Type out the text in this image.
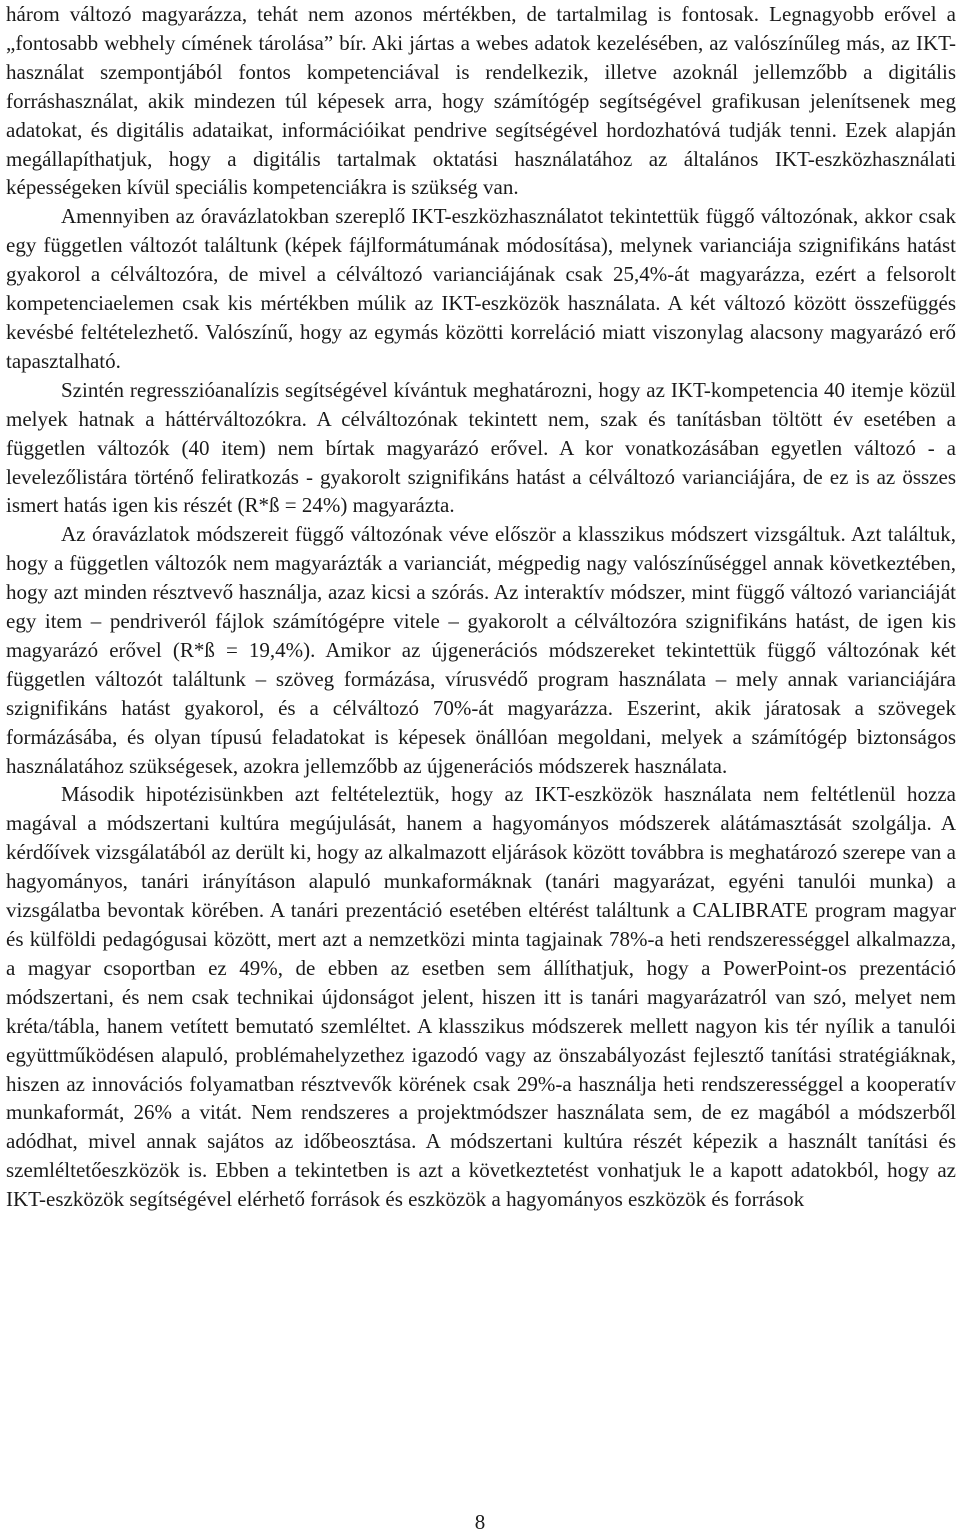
három változó magyarázza, tehát nem azonos mértékben, de tartalmilag is fontosak. Legnagyobb erővel a „fontosabb webhely címének tárolása” bír. Aki jártas a webes adatok kezelésében, az valószínűleg más, az IKT-használat szempontjából fontos kompetenciával is rendelkezik, illetve azoknál jellemzőbb a digitális forráshasználat, akik mindezen túl képesek arra, hogy számítógép segítségével grafikusan jelenítsenek meg adatokat, és digitális adataikat, információikat pendrive segítségével hordozhatóvá tudják tenni. Ezek alapján megállapíthatjuk, hogy a digitális tartalmak oktatási használatához az általános IKT-eszközhasználati képességeken kívül speciális kompetenciákra is szükség van.

Amennyiben az óravázlatokban szereplő IKT-eszközhasználatot tekintettük függő változónak, akkor csak egy független változót találtunk (képek fájlformátumának módosítása), melynek varianciája szignifikáns hatást gyakorol a célváltozóra, de mivel a célváltozó varianciájának csak 25,4%-át magyarázza, ezért a felsorolt kompetenciaelemen csak kis mértékben múlik az IKT-eszközök használata. A két változó között összefüggés kevésbé feltételezhető. Valószínű, hogy az egymás közötti korreláció miatt viszonylag alacsony magyarázó erő tapasztalható.

Szintén regresszióanalízis segítségével kívántuk meghatározni, hogy az IKT-kompetencia 40 itemje közül melyek hatnak a háttérváltozókra. A célváltozónak tekintett nem, szak és tanításban töltött év esetében a független változók (40 item) nem bírtak magyarázó erővel. A kor vonatkozásában egyetlen változó - a levelezőlistára történő feliratkozás - gyakorolt szignifikáns hatást a célváltozó varianciájára, de ez is az összes ismert hatás igen kis részét (R*ß = 24%) magyarázta.

Az óravázlatok módszereit függő változónak véve először a klasszikus módszert vizsgáltuk. Azt találtuk, hogy a független változók nem magyarázták a varianciát, mégpedig nagy valószínűséggel annak következtében, hogy azt minden résztvevő használja, azaz kicsi a szórás. Az interaktív módszer, mint függő változó varianciáját egy item – pendriveról fájlok számítógépre vitele – gyakorolt a célváltozóra szignifikáns hatást, de igen kis magyarázó erővel (R*ß = 19,4%). Amikor az újgenerációs módszereket tekintettük függő változónak két független változót találtunk – szöveg formázása, vírusvédő program használata – mely annak varianciájára szignifikáns hatást gyakorol, és a célváltozó 70%-át magyarázza. Eszerint, akik járatosak a szövegek formázásába, és olyan típusú feladatokat is képesek önállóan megoldani, melyek a számítógép biztonságos használatához szükségesek, azokra jellemzőbb az újgenerációs módszerek használata.

Második hipotézisünkben azt feltételeztük, hogy az IKT-eszközök használata nem feltétlenül hozza magával a módszertani kultúra megújulását, hanem a hagyományos módszerek alátámasztását szolgálja. A kérdőívek vizsgálatából az derült ki, hogy az alkalmazott eljárások között továbbra is meghatározó szerepe van a hagyományos, tanári irányításon alapuló munkaformáknak (tanári magyarázat, egyéni tanulói munka) a vizsgálatba bevontak körében. A tanári prezentáció esetében eltérést találtunk a CALIBRATE program magyar és külföldi pedagógusai között, mert azt a nemzetközi minta tagjainak 78%-a heti rendszerességgel alkalmazza, a magyar csoportban ez 49%, de ebben az esetben sem állíthatjuk, hogy a PowerPoint-os prezentáció módszertani, és nem csak technikai újdonságot jelent, hiszen itt is tanári magyarázatról van szó, melyet nem kréta/tábla, hanem vetített bemutató szemléltet. A klasszikus módszerek mellett nagyon kis tér nyílik a tanulói együttműködésen alapuló, problémahelyzethez igazodó vagy az önszabályozást fejlesztő tanítási stratégiáknak, hiszen az innovációs folyamatban résztvevők körének csak 29%-a használja heti rendszerességgel a kooperatív munkaformát, 26% a vitát. Nem rendszeres a projektmódszer használata sem, de ez magából a módszerből adódhat, mivel annak sajátos az időbeosztása. A módszertani kultúra részét képezik a használt tanítási és szemléltetőeszközök is. Ebben a tekintetben is azt a következtetést vonhatjuk le a kapott adatokból, hogy az IKT-eszközök segítségével elérhető források és eszközök a hagyományos eszközök és források

8
